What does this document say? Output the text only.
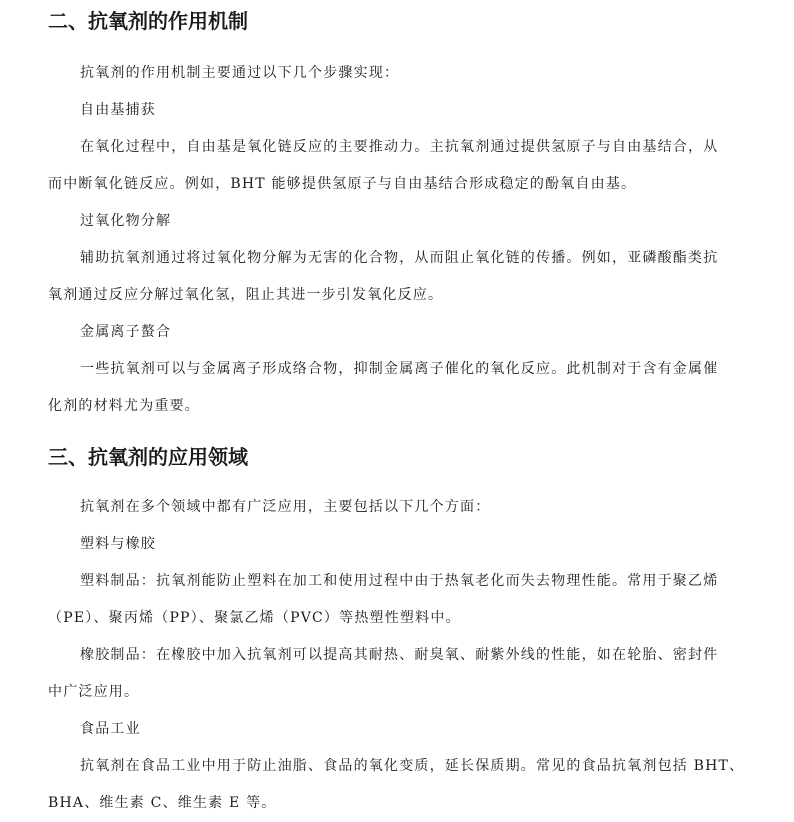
二、抗氧剂的作用机制

抗氧剂的作用机制主要通过以下几个步骤实现：

自由基捕获

在氧化过程中，自由基是氧化链反应的主要推动力。主抗氧剂通过提供氢原子与自由基结合，从
而中断氧化链反应。例如，BHT 能够提供氢原子与自由基结合形成稳定的酚氧自由基。

过氧化物分解

辅助抗氧剂通过将过氧化物分解为无害的化合物，从而阻止氧化链的传播。例如，亚磷酸酯类抗
氧剂通过反应分解过氧化氢，阻止其进一步引发氧化反应。

金属离子螯合

一些抗氧剂可以与金属离子形成络合物，抑制金属离子催化的氧化反应。此机制对于含有金属催
化剂的材料尤为重要。

三、抗氧剂的应用领域

抗氧剂在多个领域中都有广泛应用，主要包括以下几个方面：

塑料与橡胶

塑料制品：抗氧剂能防止塑料在加工和使用过程中由于热氧老化而失去物理性能。常用于聚乙烯
（PE）、聚丙烯（PP）、聚氯乙烯（PVC）等热塑性塑料中。

橡胶制品：在橡胶中加入抗氧剂可以提高其耐热、耐臭氧、耐紫外线的性能，如在轮胎、密封件
中广泛应用。

食品工业

抗氧剂在食品工业中用于防止油脂、食品的氧化变质，延长保质期。常见的食品抗氧剂包括 BHT、
BHA、维生素 C、维生素 E 等。
